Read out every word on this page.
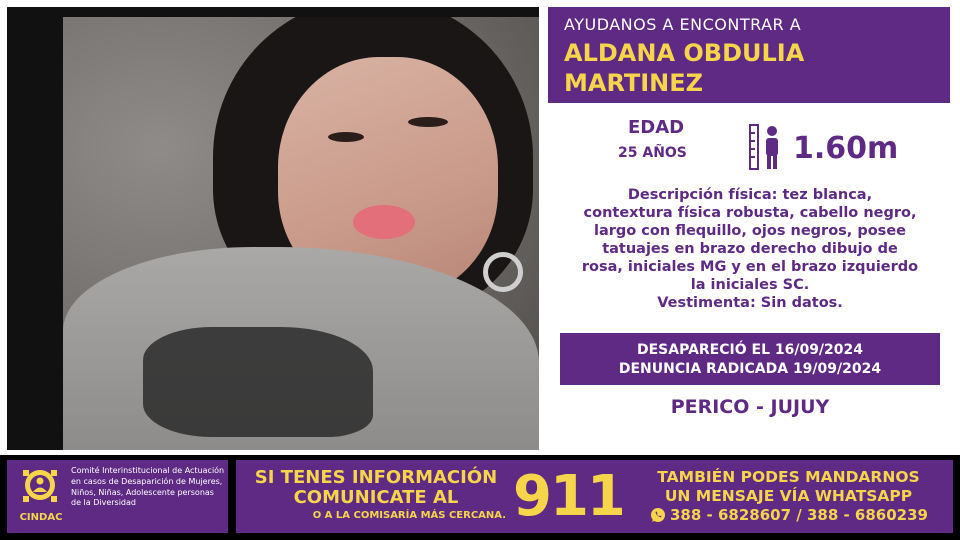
AYUDANOS A ENCONTRAR A
ALDANA OBDULIA
MARTINEZ
EDAD
25 AÑOS	1.60m
Descripción física: tez blanca,
contextura física robusta, cabello negro,
largo con flequillo, ojos negros, posee
tatuajes en brazo derecho dibujo de
rosa, iniciales MG y en el brazo izquierdo
la iniciales SC.
Vestimenta: Sin datos.
DESAPARECIÓ EL 16/09/2024
DENUNCIA RADICADA 19/09/2024
PERICO - JUJUY
CINDAC
Comité Interinstitucional de Actuación en casos de Desaparición de Mujeres, Niños, Niñas, Adolescente personas de la Diversidad
SI TENES INFORMACIÓN
COMUNICATE AL
O A LA COMISARÍA MÁS CERCANA. 911	TAMBIÉN PODES MANDARNOS
UN MENSAJE VÍA WHATSAPP
388 - 6828607 / 388 - 6860239
